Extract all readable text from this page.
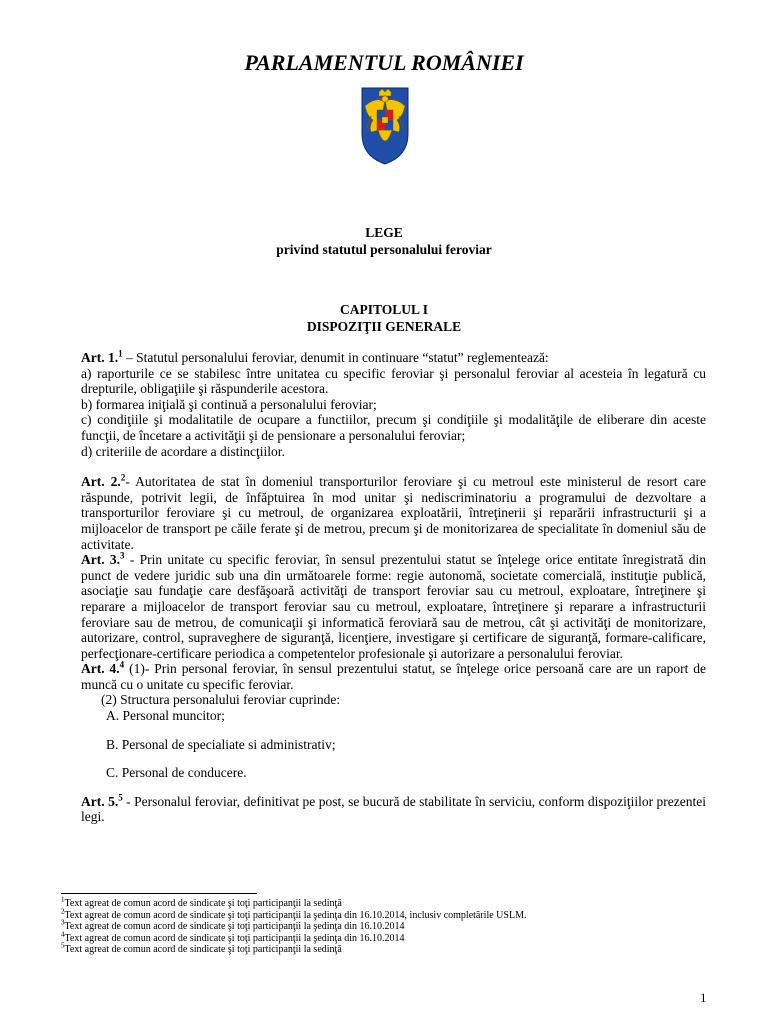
PARLAMENTUL ROMÂNIEI
LEGE
privind statutul personalului feroviar
CAPITOLUL I
DISPOZIŢII GENERALE

Art. 1.$^1$ – Statutul personalului feroviar, denumit in continuare “statut” reglementează:

a) raporturile ce se stabilesc între unitatea cu specific feroviar şi personalul feroviar al acesteia în legatură cu drepturile, obligaţiile şi răspunderile acestora.

b) formarea iniţială şi continuă a personalului feroviar;

c) condiţiile şi modalitatile de ocupare a functiilor, precum şi condiţiile şi modalităţile de eliberare din aceste funcţii, de încetare a activităţii şi de pensionare a personalului feroviar;

d) criteriile de acordare a distincţiilor.

Art. 2.$^2$- Autoritatea de stat în domeniul transporturilor feroviare şi cu metroul este ministerul de resort care răspunde, potrivit legii, de înfăptuirea în mod unitar şi nediscriminatoriu a programului de dezvoltare a transporturilor feroviare şi cu metroul, de organizarea exploatării, întreţinerii şi reparării infrastructurii şi a mijloacelor de transport pe căile ferate şi de metrou, precum şi de monitorizarea de specialitate în domeniul său de activitate.

Art. 3.$^3$ - Prin unitate cu specific feroviar, în sensul prezentului statut se înţelege orice entitate înregistrată din punct de vedere juridic sub una din următoarele forme: regie autonomă, societate comercială, instituţie publică, asociaţie sau fundaţie care desfăşoară activităţi de transport feroviar sau cu metroul, exploatare, întreţinere şi reparare a mijloacelor de transport feroviar sau cu metroul, exploatare, întreţinere şi reparare a infrastructurii feroviare sau de metrou, de comunicaţii şi informatică feroviară sau de metrou, cât şi activităţi de monitorizare, autorizare, control, supraveghere de siguranţă, licenţiere, investigare şi certificare de siguranţă, formare-calificare, perfecţionare-certificare periodica a competentelor profesionale şi autorizare a personalului feroviar.

Art. 4.$^4$ (1)- Prin personal feroviar, în sensul prezentului statut, se înţelege orice persoană care are un raport de muncă cu o unitate cu specific feroviar.

(2) Structura personalului feroviar cuprinde:

A. Personal muncitor;

B. Personal de specialiate si administrativ;

C. Personal de conducere.

Art. 5.$^5$ - Personalul feroviar, definitivat pe post, se bucură de stabilitate în serviciu, conform dispoziţiilor prezentei legi.

$^1$Text agreat de comun acord de sindicate şi toţi participanţii la sedinţă
$^2$Text agreat de comun acord de sindicate şi toţi participanţii la şedinţa din 16.10.2014, inclusiv completările USLM.
$^3$Text agreat de comun acord de sindicate şi toţi participanţii la şedinţa din 16.10.2014
$^4$Text agreat de comun acord de sindicate şi toţi participanţii la şedinţa din 16.10.2014
$^5$Text agreat de comun acord de sindicate şi toţi participanţii la sedinţă
1
